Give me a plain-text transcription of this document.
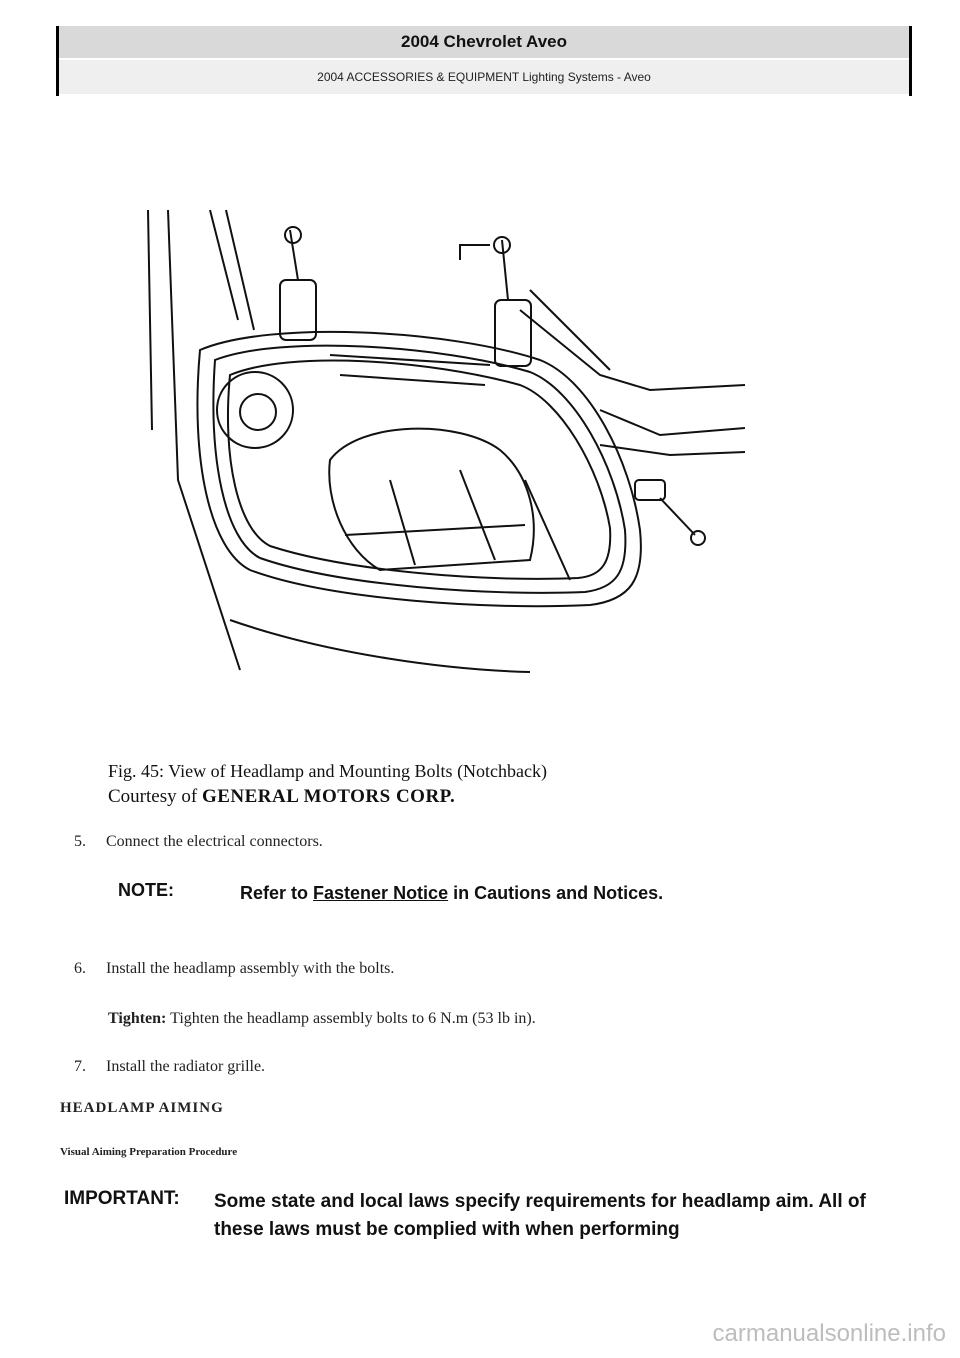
2004 Chevrolet Aveo
2004 ACCESSORIES & EQUIPMENT Lighting Systems - Aveo
Fig. 45: View of Headlamp and Mounting Bolts (Notchback)
Courtesy of GENERAL MOTORS CORP.
5. Connect the electrical connectors.
NOTE:	Refer to Fastener Notice in Cautions and Notices.
6. Install the headlamp assembly with the bolts.
Tighten: Tighten the headlamp assembly bolts to 6 N.m (53 lb in).
7. Install the radiator grille.
HEADLAMP AIMING
Visual Aiming Preparation Procedure
IMPORTANT:	Some state and local laws specify requirements for headlamp aim. All of these laws must be complied with when performing
carmanualsonline.info
